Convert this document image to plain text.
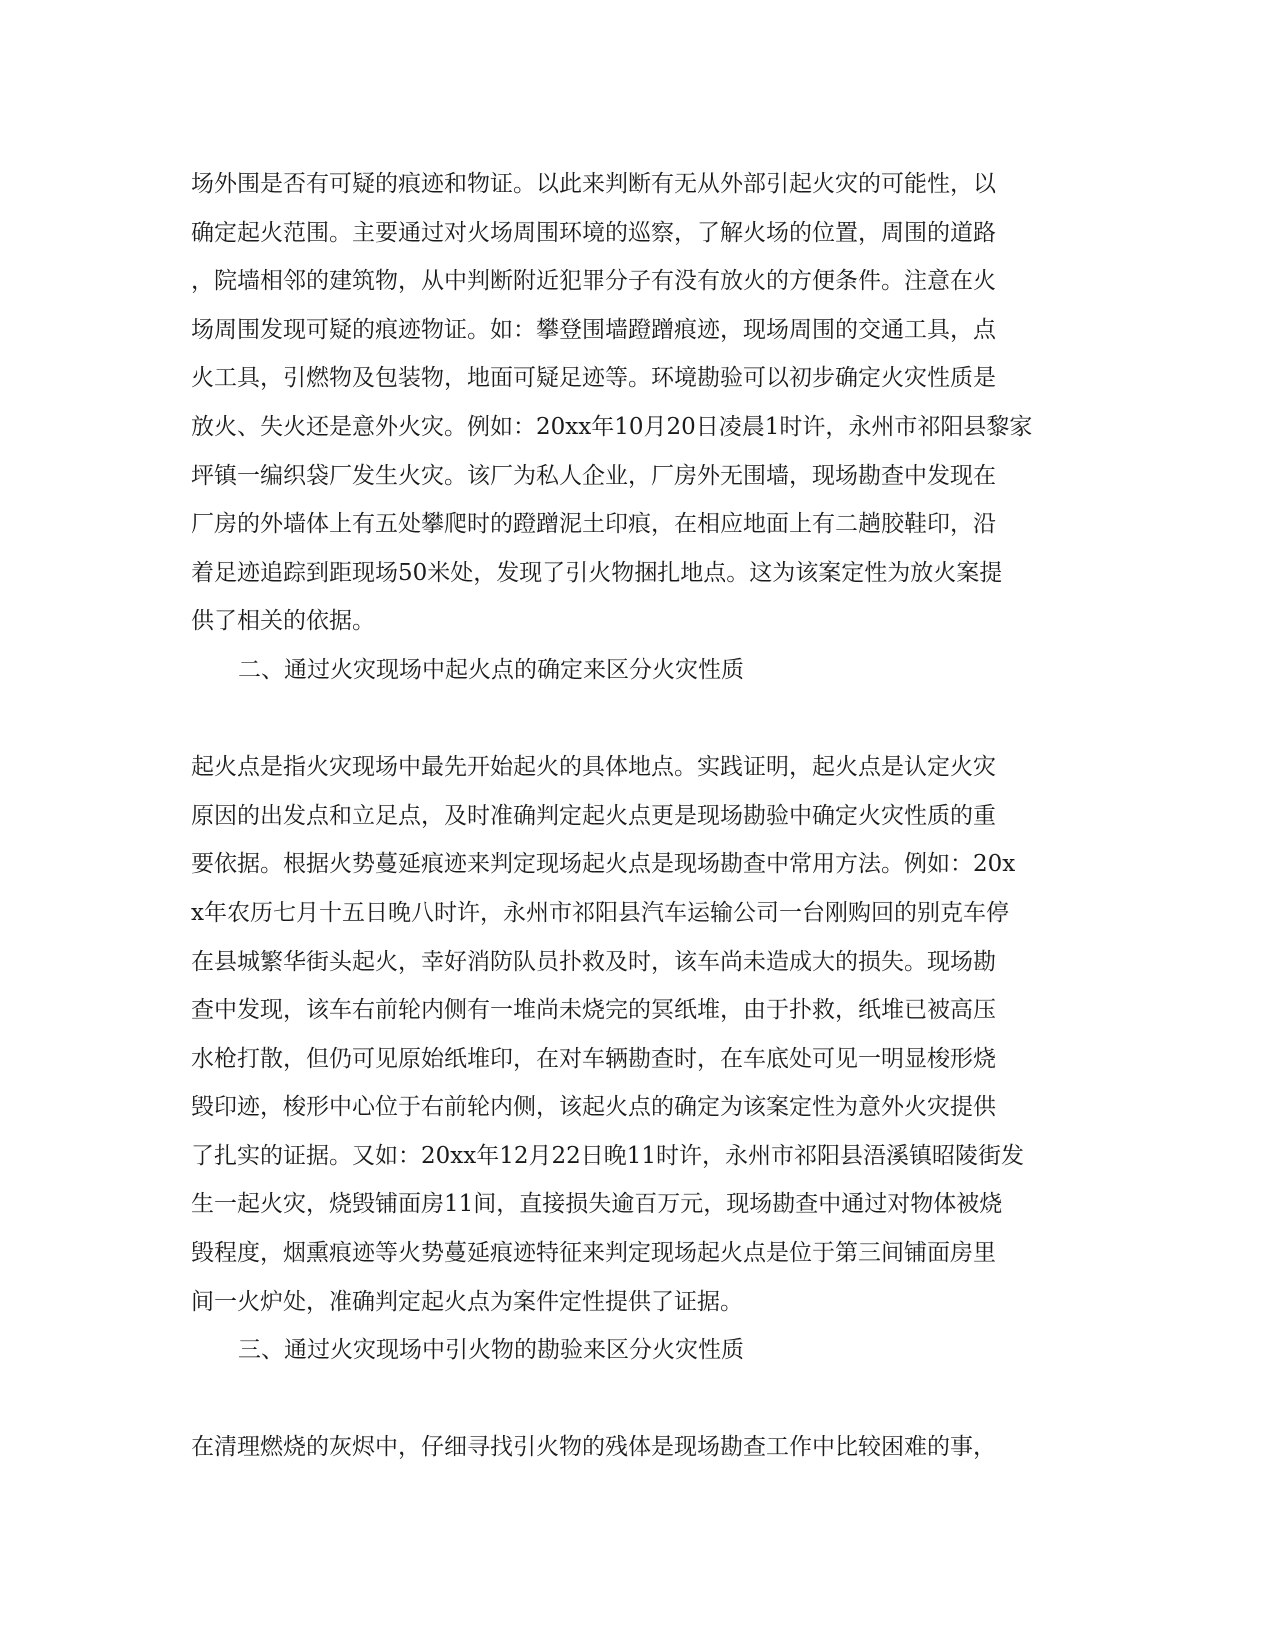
场外围是否有可疑的痕迹和物证。以此来判断有无从外部引起火灾的可能性，以
确定起火范围。主要通过对火场周围环境的巡察，了解火场的位置，周围的道路
，院墙相邻的建筑物，从中判断附近犯罪分子有没有放火的方便条件。注意在火
场周围发现可疑的痕迹物证。如：攀登围墙蹬蹭痕迹，现场周围的交通工具，点
火工具，引燃物及包装物，地面可疑足迹等。环境勘验可以初步确定火灾性质是
放火、失火还是意外火灾。例如：20xx年10月20日凌晨1时许，永州市祁阳县黎家
坪镇一编织袋厂发生火灾。该厂为私人企业，厂房外无围墙，现场勘查中发现在
厂房的外墙体上有五处攀爬时的蹬蹭泥土印痕，在相应地面上有二趟胶鞋印，沿
着足迹追踪到距现场50米处，发现了引火物捆扎地点。这为该案定性为放火案提
供了相关的依据。
二、通过火灾现场中起火点的确定来区分火灾性质
起火点是指火灾现场中最先开始起火的具体地点。实践证明，起火点是认定火灾
原因的出发点和立足点，及时准确判定起火点更是现场勘验中确定火灾性质的重
要依据。根据火势蔓延痕迹来判定现场起火点是现场勘查中常用方法。例如：20x
x年农历七月十五日晚八时许，永州市祁阳县汽车运输公司一台刚购回的别克车停
在县城繁华街头起火，幸好消防队员扑救及时，该车尚未造成大的损失。现场勘
查中发现，该车右前轮内侧有一堆尚未烧完的冥纸堆，由于扑救，纸堆已被高压
水枪打散，但仍可见原始纸堆印，在对车辆勘查时，在车底处可见一明显梭形烧
毁印迹，梭形中心位于右前轮内侧，该起火点的确定为该案定性为意外火灾提供
了扎实的证据。又如：20xx年12月22日晚11时许，永州市祁阳县浯溪镇昭陵街发
生一起火灾，烧毁铺面房11间，直接损失逾百万元，现场勘查中通过对物体被烧
毁程度，烟熏痕迹等火势蔓延痕迹特征来判定现场起火点是位于第三间铺面房里
间一火炉处，准确判定起火点为案件定性提供了证据。
三、通过火灾现场中引火物的勘验来区分火灾性质
在清理燃烧的灰烬中，仔细寻找引火物的残体是现场勘查工作中比较困难的事，
